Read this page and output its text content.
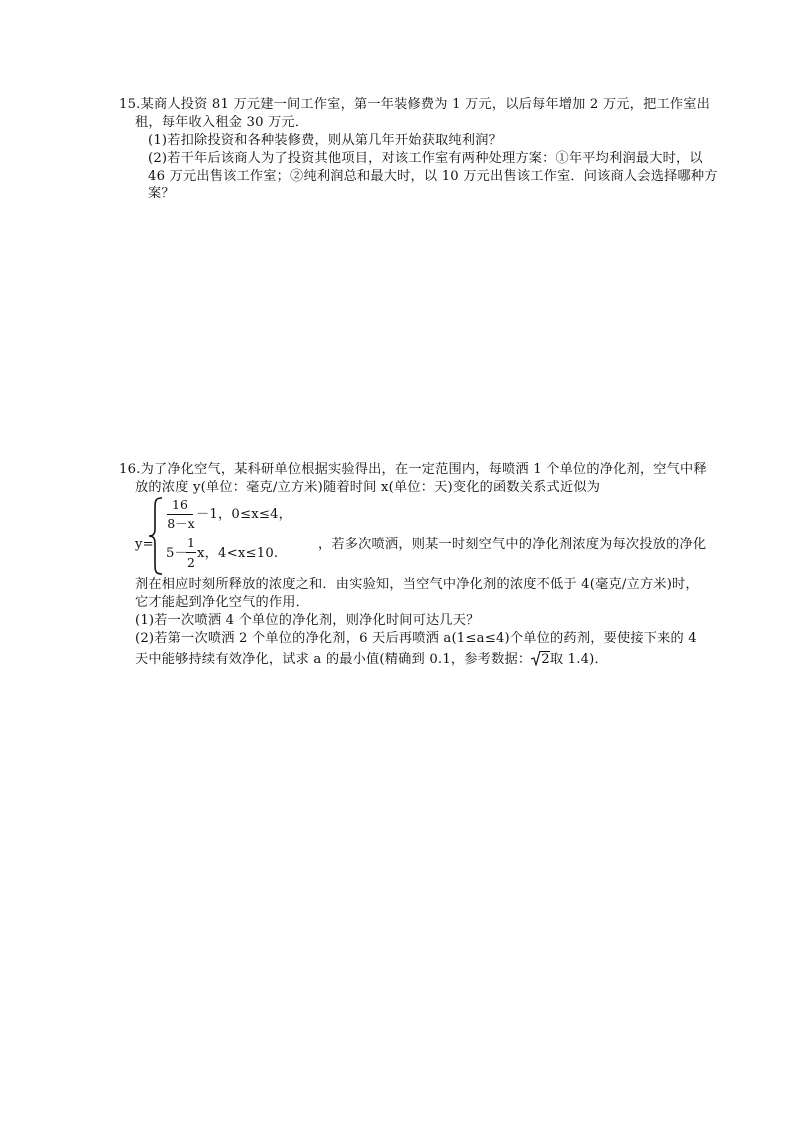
15.某商人投资 81 万元建一间工作室，第一年装修费为 1 万元，以后每年增加 2 万元，把工作室出
租，每年收入租金 30 万元．
(1)若扣除投资和各种装修费，则从第几年开始获取纯利润？
(2)若干年后该商人为了投资其他项目，对该工作室有两种处理方案：①年平均利润最大时，以
46 万元出售该工作室；②纯利润总和最大时，以 10 万元出售该工作室．问该商人会选择哪种方
案？
16.为了净化空气，某科研单位根据实验得出，在一定范围内，每喷洒 1 个单位的净化剂，空气中释
放的浓度 y(单位：毫克/立方米)随着时间 x(单位：天)变化的函数关系式近似为
y=
16
8－x
－1，0≤x≤4，
5－
1
2
x，4<x≤10.
，若多次喷洒，则某一时刻空气中的净化剂浓度为每次投放的净化
剂在相应时刻所释放的浓度之和．由实验知，当空气中净化剂的浓度不低于 4(毫克/立方米)时，
它才能起到净化空气的作用．
(1)若一次喷洒 4 个单位的净化剂，则净化时间可达几天？
(2)若第一次喷洒 2 个单位的净化剂，6 天后再喷洒 a(1≤a≤4)个单位的药剂，要使接下来的 4
天中能够持续有效净化，试求 a 的最小值(精确到 0.1，参考数据： 2取 1.4)．
